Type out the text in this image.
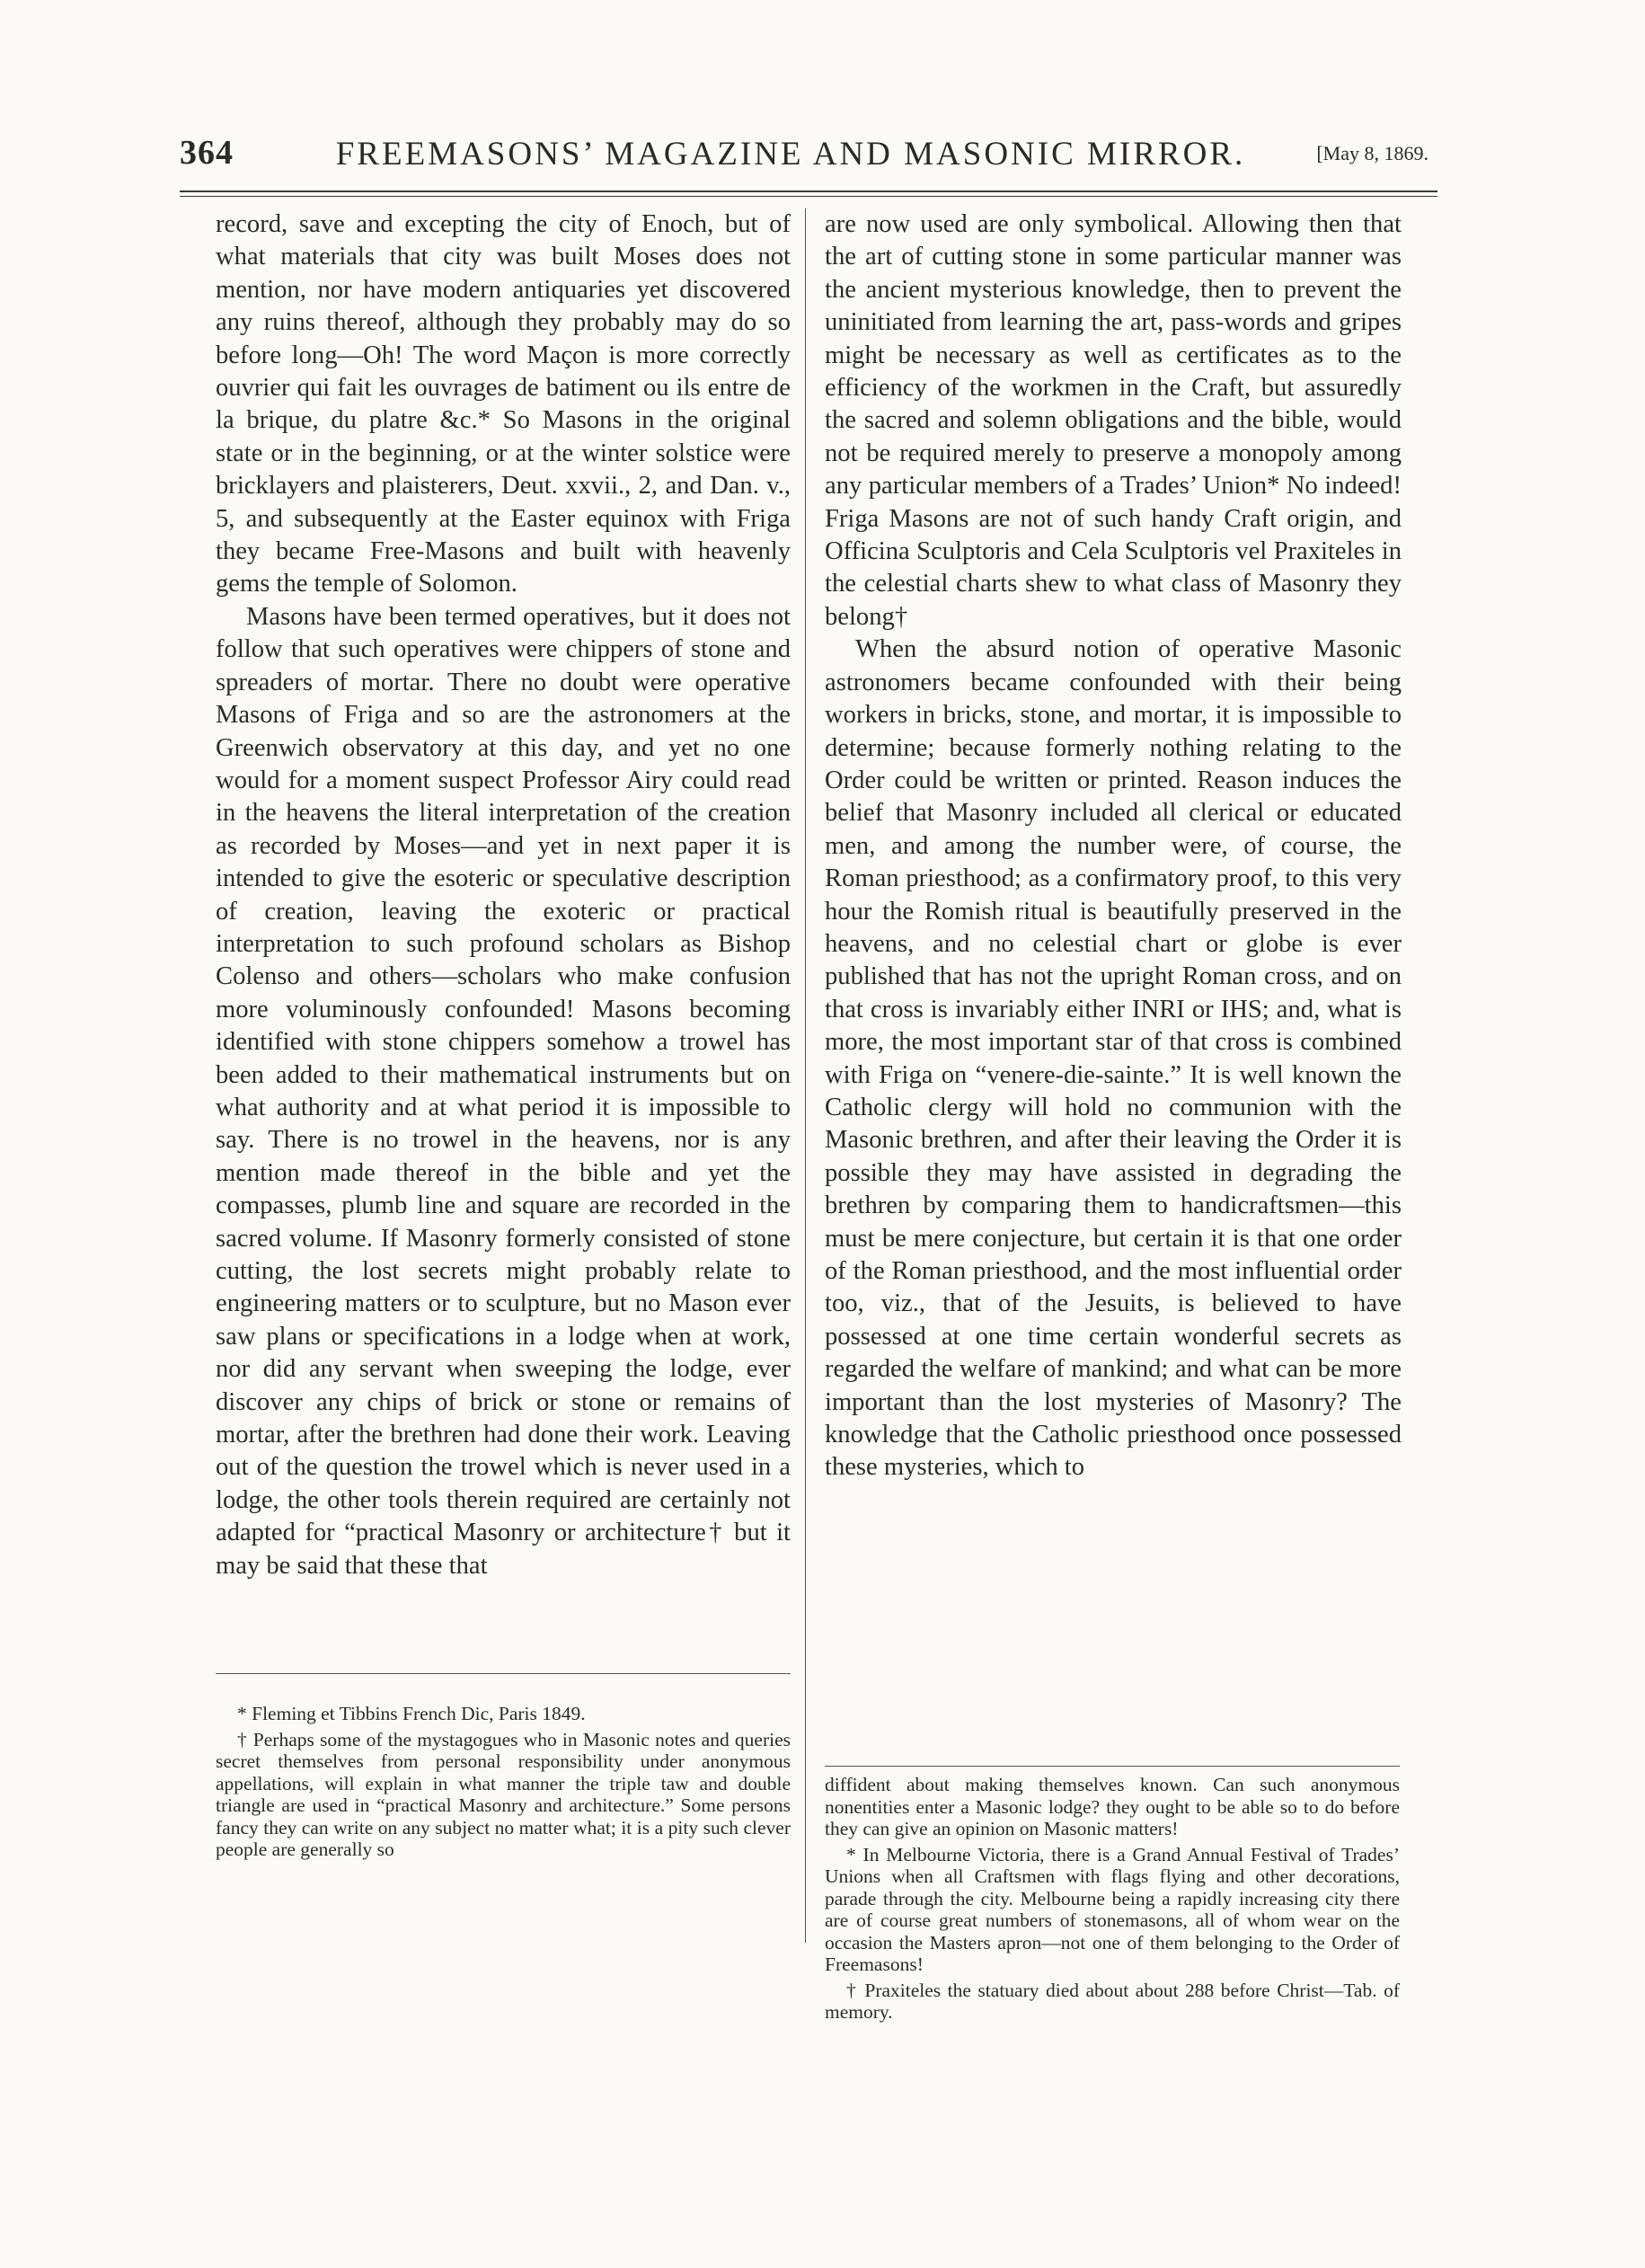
364	FREEMASONS’ MAGAZINE AND MASONIC MIRROR.	[May 8, 1869.

record, save and excepting the city of Enoch, but of what materials that city was built Moses does not mention, nor have modern antiquaries yet discovered any ruins thereof, although they probably may do so before long—Oh! The word Maçon is more correctly ouvrier qui fait les ouvrages de batiment ou ils entre de la brique, du platre &c.* So Masons in the original state or in the beginning, or at the winter solstice were bricklayers and plaisterers, Deut. xxvii., 2, and Dan. v., 5, and subsequently at the Easter equinox with Friga they became Free-Masons and built with heavenly gems the temple of Solomon.

Masons have been termed operatives, but it does not follow that such operatives were chippers of stone and spreaders of mortar. There no doubt were operative Masons of Friga and so are the astronomers at the Greenwich observatory at this day, and yet no one would for a moment suspect Professor Airy could read in the heavens the literal interpretation of the creation as recorded by Moses—and yet in next paper it is intended to give the esoteric or speculative description of creation, leaving the exoteric or practical interpretation to such profound scholars as Bishop Colenso and others—scholars who make confusion more voluminously confounded! Masons becoming identified with stone chippers somehow a trowel has been added to their mathematical instruments but on what authority and at what period it is impossible to say. There is no trowel in the heavens, nor is any mention made thereof in the bible and yet the compasses, plumb line and square are recorded in the sacred volume. If Masonry formerly consisted of stone cutting, the lost secrets might probably relate to engineering matters or to sculpture, but no Mason ever saw plans or specifications in a lodge when at work, nor did any servant when sweeping the lodge, ever discover any chips of brick or stone or remains of mortar, after the brethren had done their work. Leaving out of the question the trowel which is never used in a lodge, the other tools therein required are certainly not adapted for “practical Masonry or architecture† but it may be said that these that

are now used are only symbolical. Allowing then that the art of cutting stone in some particular manner was the ancient mysterious knowledge, then to prevent the uninitiated from learning the art, pass-words and gripes might be necessary as well as certificates as to the efficiency of the workmen in the Craft, but assuredly the sacred and solemn obligations and the bible, would not be required merely to preserve a monopoly among any particular members of a Trades’ Union* No indeed! Friga Masons are not of such handy Craft origin, and Officina Sculptoris and Cela Sculptoris vel Praxiteles in the celestial charts shew to what class of Masonry they belong†

When the absurd notion of operative Masonic astronomers became confounded with their being workers in bricks, stone, and mortar, it is impossible to determine; because formerly nothing relating to the Order could be written or printed. Reason induces the belief that Masonry included all clerical or educated men, and among the number were, of course, the Roman priesthood; as a confirmatory proof, to this very hour the Romish ritual is beautifully preserved in the heavens, and no celestial chart or globe is ever published that has not the upright Roman cross, and on that cross is invariably either INRI or IHS; and, what is more, the most important star of that cross is combined with Friga on “venere-die-sainte.” It is well known the Catholic clergy will hold no communion with the Masonic brethren, and after their leaving the Order it is possible they may have assisted in degrading the brethren by comparing them to handicraftsmen—this must be mere conjecture, but certain it is that one order of the Roman priesthood, and the most influential order too, viz., that of the Jesuits, is believed to have possessed at one time certain wonderful secrets as regarded the welfare of mankind; and what can be more important than the lost mysteries of Masonry? The knowledge that the Catholic priesthood once possessed these mysteries, which to

* Fleming et Tibbins French Dic, Paris 1849.

† Perhaps some of the mystagogues who in Masonic notes and queries secret themselves from personal responsibility under anonymous appellations, will explain in what manner the triple taw and double triangle are used in “practical Masonry and architecture.” Some persons fancy they can write on any subject no matter what; it is a pity such clever people are generally so

diffident about making themselves known. Can such anonymous nonentities enter a Masonic lodge? they ought to be able so to do before they can give an opinion on Masonic matters!

* In Melbourne Victoria, there is a Grand Annual Festival of Trades’ Unions when all Craftsmen with flags flying and other decorations, parade through the city. Melbourne being a rapidly increasing city there are of course great numbers of stonemasons, all of whom wear on the occasion the Masters apron—not one of them belonging to the Order of Freemasons!

† Praxiteles the statuary died about about 288 before Christ—Tab. of memory.
